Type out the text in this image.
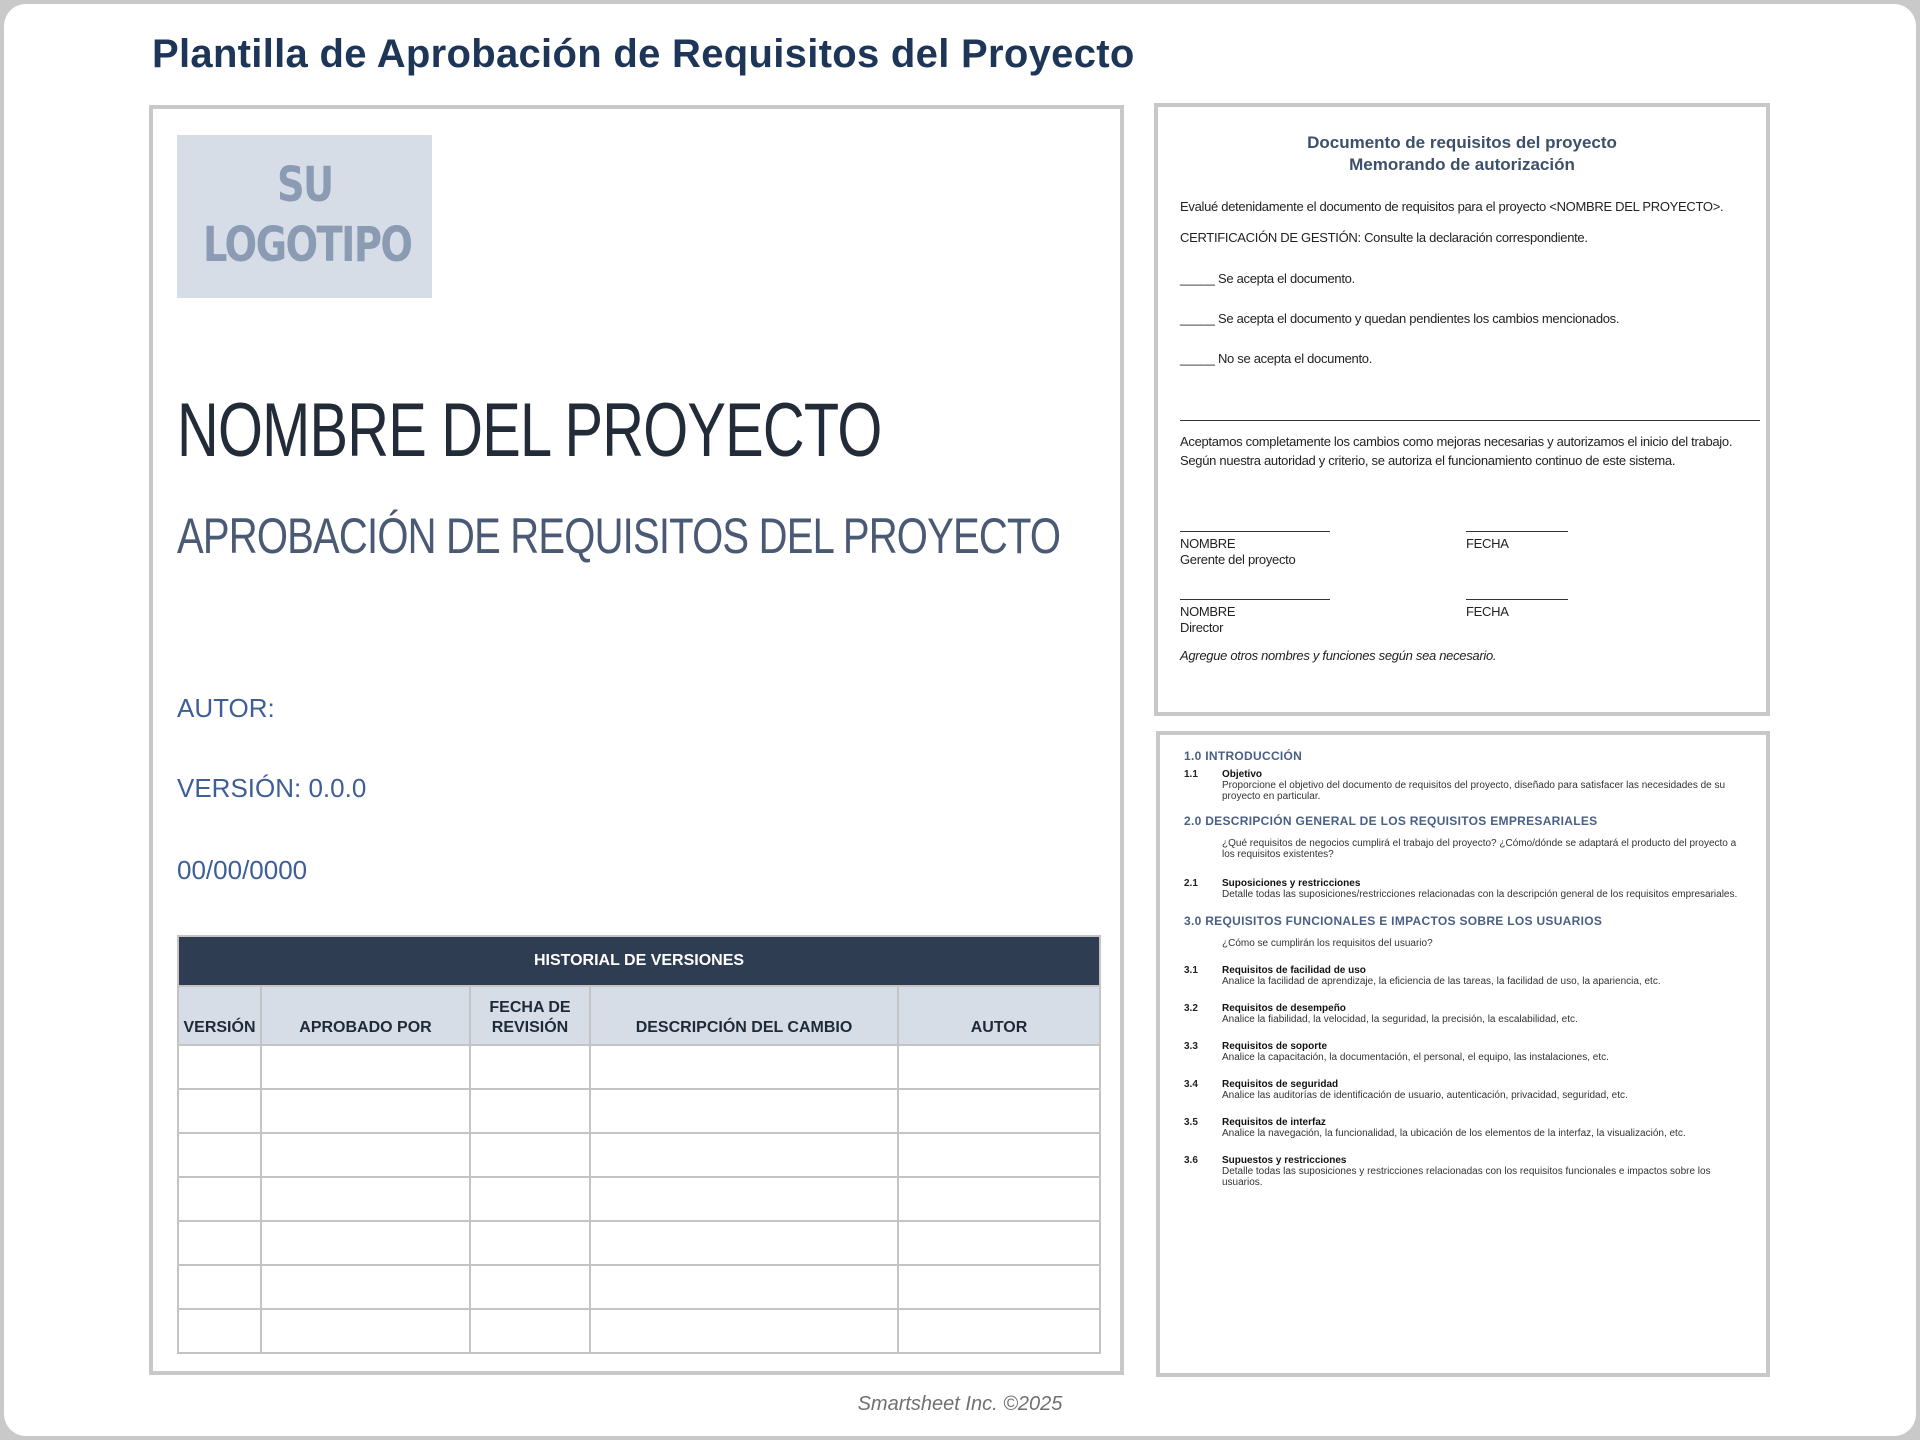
Plantilla de Aprobación de Requisitos del Proyecto
SU
LOGOTIPO
NOMBRE DEL PROYECTO
APROBACIÓN DE REQUISITOS DEL PROYECTO
AUTOR:
VERSIÓN: 0.0.0
00/00/0000
HISTORIAL DE VERSIONES				
VERSIÓN	APROBADO POR	FECHA DE REVISIÓN	DESCRIPCIÓN DEL CAMBIO	AUTOR

Documento de requisitos del proyecto
Memorando de autorización
Evalué detenidamente el documento de requisitos para el proyecto <NOMBRE DEL PROYECTO>.
CERTIFICACIÓN DE GESTIÓN: Consulte la declaración correspondiente.
_____ Se acepta el documento.
_____ Se acepta el documento y quedan pendientes los cambios mencionados.
_____ No se acepta el documento.
Aceptamos completamente los cambios como mejoras necesarias y autorizamos el inicio del trabajo.
Según nuestra autoridad y criterio, se autoriza el funcionamiento continuo de este sistema.
NOMBRE	FECHA
Gerente del proyecto
NOMBRE	FECHA
Director
Agregue otros nombres y funciones según sea necesario.
1.0 INTRODUCCIÓN
1.1 Objetivo
Proporcione el objetivo del documento de requisitos del proyecto, diseñado para satisfacer las necesidades de su proyecto en particular.
2.0 DESCRIPCIÓN GENERAL DE LOS REQUISITOS EMPRESARIALES
¿Qué requisitos de negocios cumplirá el trabajo del proyecto? ¿Cómo/dónde se adaptará el producto del proyecto a los requisitos existentes?
2.1 Suposiciones y restricciones
Detalle todas las suposiciones/restricciones relacionadas con la descripción general de los requisitos empresariales.
3.0 REQUISITOS FUNCIONALES E IMPACTOS SOBRE LOS USUARIOS
¿Cómo se cumplirán los requisitos del usuario?
3.1 Requisitos de facilidad de uso
Analice la facilidad de aprendizaje, la eficiencia de las tareas, la facilidad de uso, la apariencia, etc.
3.2 Requisitos de desempeño
Analice la fiabilidad, la velocidad, la seguridad, la precisión, la escalabilidad, etc.
3.3 Requisitos de soporte
Analice la capacitación, la documentación, el personal, el equipo, las instalaciones, etc.
3.4 Requisitos de seguridad
Analice las auditorías de identificación de usuario, autenticación, privacidad, seguridad, etc.
3.5 Requisitos de interfaz
Analice la navegación, la funcionalidad, la ubicación de los elementos de la interfaz, la visualización, etc.
3.6 Supuestos y restricciones
Detalle todas las suposiciones y restricciones relacionadas con los requisitos funcionales e impactos sobre los usuarios.
Smartsheet Inc. ©2025
